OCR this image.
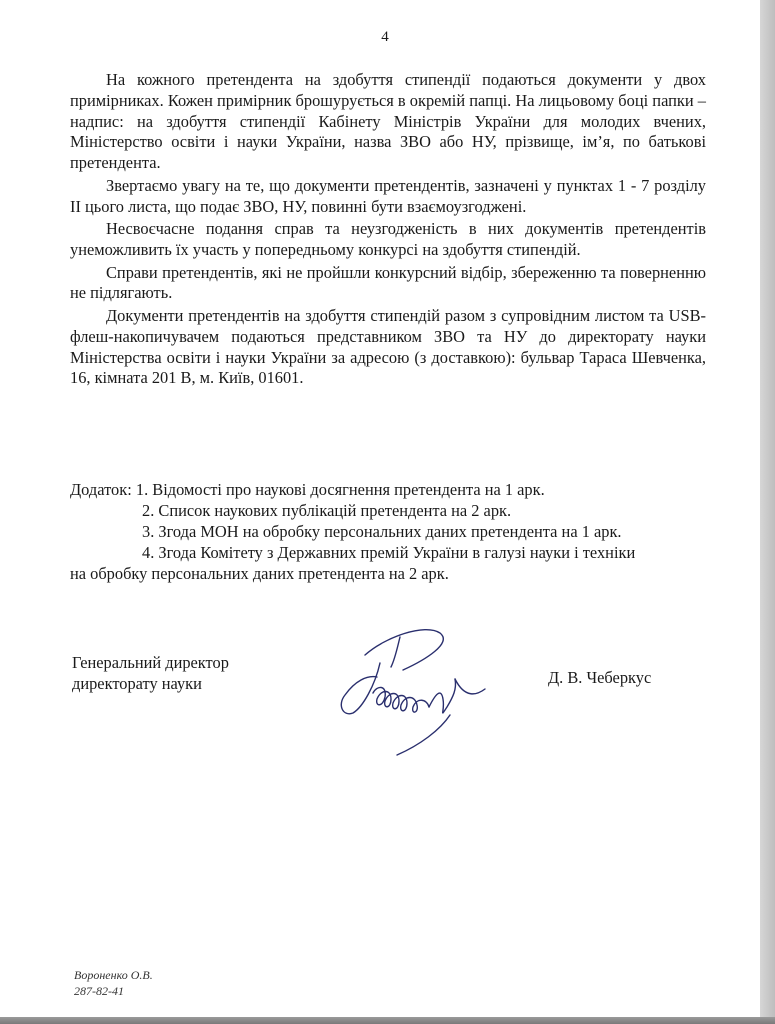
4

На кожного претендента на здобуття стипендії подаються документи у двох примірниках. Кожен примірник брошурується в окремій папці. На лицьовому боці папки – надпис: на здобуття стипендії Кабінету Міністрів України для молодих вчених, Міністерство освіти і науки України, назва ЗВО або НУ, прізвище, ім’я, по батькові претендента.

Звертаємо увагу на те, що документи претендентів, зазначені у пунктах 1 - 7 розділу ІІ цього листа, що подає ЗВО, НУ, повинні бути взаємоузгоджені.

Несвоєчасне подання справ та неузгодженість в них документів претендентів унеможливить їх участь у попередньому конкурсі на здобуття стипендій.

Справи претендентів, які не пройшли конкурсний відбір, збереженню та поверненню не підлягають.

Документи претендентів на здобуття стипендій разом з супровідним листом та USB-флеш-накопичувачем подаються представником ЗВО та НУ до директорату науки Міністерства освіти і науки України за адресою (з доставкою): бульвар Тараса Шевченка, 16, кімната 201 В, м. Київ, 01601.

Додаток: 1. Відомості про наукові досягнення претендента на 1 арк.
2. Список наукових публікацій претендента на 2 арк.
3. Згода МОН на обробку персональних даних претендента на 1 арк.
4. Згода Комітету з Державних премій України в галузі науки і техніки
на обробку персональних даних претендента на 2 арк.
Генеральний директор
директорату науки	Д. В. Чеберкус
Вороненко О.В.
287-82-41
